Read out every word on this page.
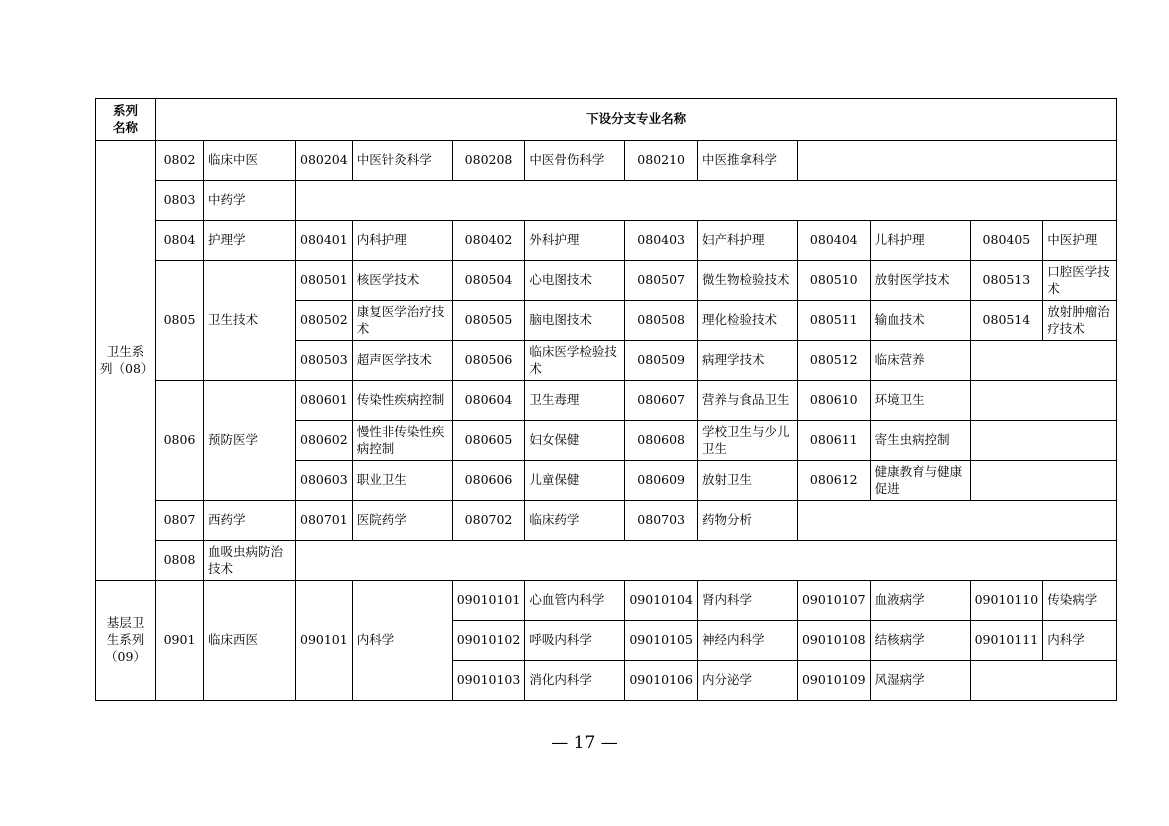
系列
名称	下设分支专业名称											
卫生系
列（08）	0802	临床中医	080204	中医针灸科学	080208	中医骨伤科学	080210	中医推拿科学				
	0803	中药学										
	0804	护理学	080401	内科护理	080402	外科护理	080403	妇产科护理	080404	儿科护理	080405	中医护理
	0805	卫生技术	080501	核医学技术	080504	心电图技术	080507	微生物检验技术	080510	放射医学技术	080513	口腔医学技术
			080502	康复医学治疗技术	080505	脑电图技术	080508	理化检验技术	080511	输血技术	080514	放射肿瘤治疗技术
			080503	超声医学技术	080506	临床医学检验技术	080509	病理学技术	080512	临床营养		
	0806	预防医学	080601	传染性疾病控制	080604	卫生毒理	080607	营养与食品卫生	080610	环境卫生		
			080602	慢性非传染性疾病控制	080605	妇女保健	080608	学校卫生与少儿卫生	080611	寄生虫病控制		
			080603	职业卫生	080606	儿童保健	080609	放射卫生	080612	健康教育与健康促进		
	0807	西药学	080701	医院药学	080702	临床药学	080703	药物分析				
	0808	血吸虫病防治技术										
基层卫
生系列
（09）	0901	临床西医	090101	内科学	09010101	心血管内科学	09010104	肾内科学	09010107	血液病学	09010110	传染病学
					09010102	呼吸内科学	09010105	神经内科学	09010108	结核病学	09010111	内科学
					09010103	消化内科学	09010106	内分泌学	09010109	风湿病学		
— 17 —
